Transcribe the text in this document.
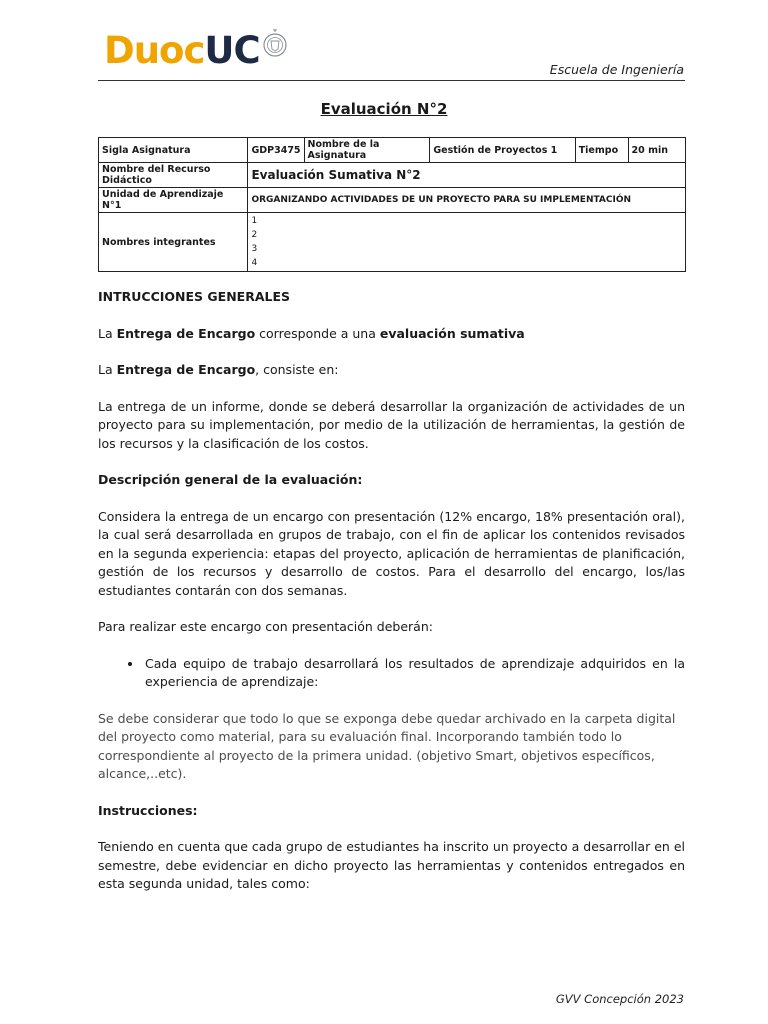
DuocUC	Escuela de Ingeniería
Evaluación N°2
Sigla Asignatura	GDP3475	Nombre de la Asignatura	Gestión de Proyectos 1	Tiempo	20 min
Nombre del Recurso Didáctico	Evaluación Sumativa N°2				
Unidad de Aprendizaje N°1	ORGANIZANDO ACTIVIDADES DE UN PROYECTO PARA SU IMPLEMENTACIÓN				
Nombres integrantes	1
2
3
4				

INTRUCCIONES GENERALES

La Entrega de Encargo corresponde a una evaluación sumativa

La Entrega de Encargo, consiste en:

La entrega de un informe, donde se deberá desarrollar la organización de actividades de un proyecto para su implementación, por medio de la utilización de herramientas, la gestión de los recursos y la clasificación de los costos.

Descripción general de la evaluación:

Considera la entrega de un encargo con presentación (12% encargo, 18% presentación oral), la cual será desarrollada en grupos de trabajo, con el fin de aplicar los contenidos revisados en la segunda experiencia: etapas del proyecto, aplicación de herramientas de planificación, gestión de los recursos y desarrollo de costos. Para el desarrollo del encargo, los/las estudiantes contarán con dos semanas.

Para realizar este encargo con presentación deberán:

• Cada equipo de trabajo desarrollará los resultados de aprendizaje adquiridos en la experiencia de aprendizaje:

Se debe considerar que todo lo que se exponga debe quedar archivado en la carpeta digital del proyecto como material, para su evaluación final. Incorporando también todo lo correspondiente al proyecto de la primera unidad. (objetivo Smart, objetivos específicos, alcance,..etc).

Instrucciones:

Teniendo en cuenta que cada grupo de estudiantes ha inscrito un proyecto a desarrollar en el semestre, debe evidenciar en dicho proyecto las herramientas y contenidos entregados en esta segunda unidad, tales como:

GVV Concepción 2023
